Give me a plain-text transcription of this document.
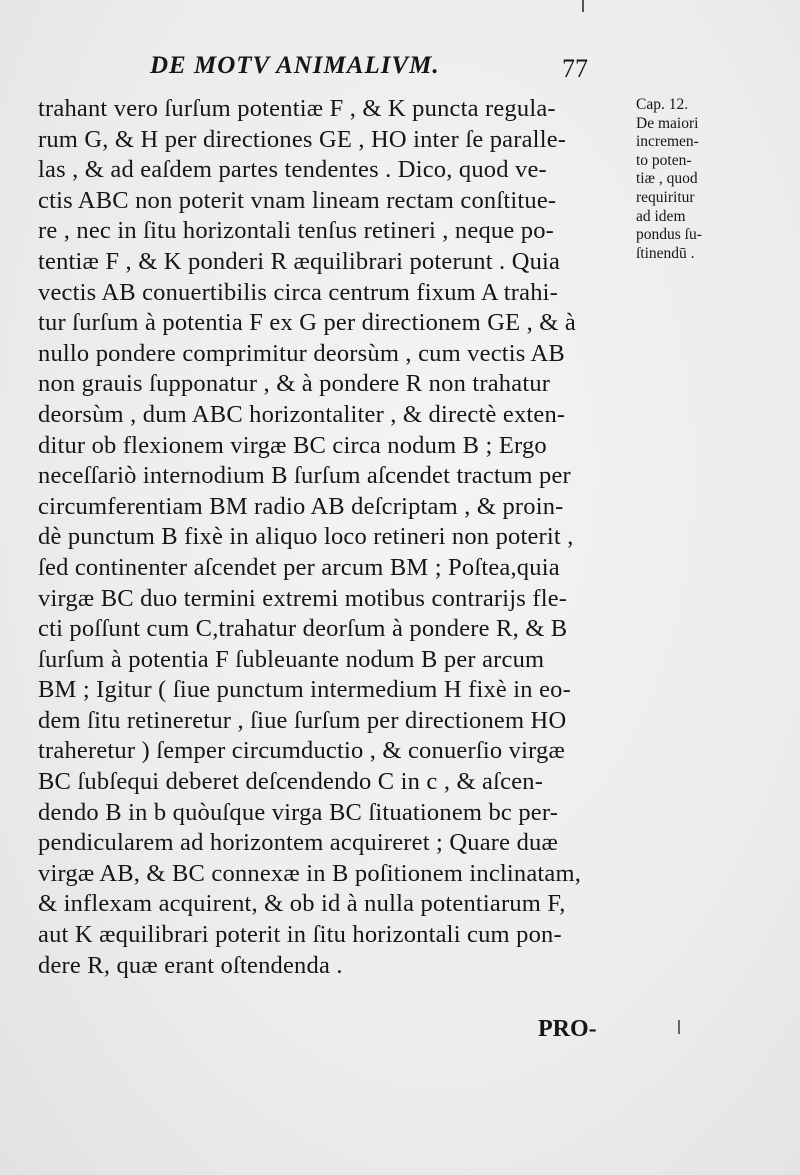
DE MOTV ANIMALIVM.	77
trahant vero ſurſum potentiæ F , & K puncta regula-
rum G, & H per directiones GE , HO inter ſe paralle-
las , & ad eaſdem partes tendentes . Dico, quod ve-
ctis ABC non poterit vnam lineam rectam conſtitue-
re , nec in ſitu horizontali tenſus retineri , neque po-
tentiæ F , & K ponderi R æquilibrari poterunt . Quia
vectis AB conuertibilis circa centrum fixum A trahi-
tur ſurſum à potentia F ex G per directionem GE , & à
nullo pondere comprimitur deorsùm , cum vectis AB
non grauis ſupponatur , & à pondere R non trahatur
deorsùm , dum ABC horizontaliter , & directè exten-
ditur ob flexionem virgæ BC circa nodum B ; Ergo
neceſſariò internodium B ſurſum aſcendet tractum per
circumferentiam BM radio AB deſcriptam , & proin-
dè punctum B fixè in aliquo loco retineri non poterit ,
ſed continenter aſcendet per arcum BM ; Poſtea,quia
virgæ BC duo termini extremi motibus contrarijs fle-
cti poſſunt cum C,trahatur deorſum à pondere R, & B
ſurſum à potentia F ſubleuante nodum B per arcum
BM ; Igitur ( ſiue punctum intermedium H fixè in eo-
dem ſitu retineretur , ſiue ſurſum per directionem HO
traheretur ) ſemper circumductio , & conuerſio virgæ
BC ſubſequi deberet deſcendendo C in c , & aſcen-
dendo B in b quòuſque virga BC ſituationem bc per-
pendicularem ad horizontem acquireret ; Quare duæ
virgæ AB, & BC connexæ in B poſitionem inclinatam,
& inflexam acquirent, & ob id à nulla potentiarum F,
aut K æquilibrari poterit in ſitu horizontali cum pon-
dere R, quæ erant oſtendenda .
Cap. 12.
De maiori
incremen-
to poten-
tiæ , quod
requiritur
ad idem
pondus ſu-
ſtinendū .
PRO-
